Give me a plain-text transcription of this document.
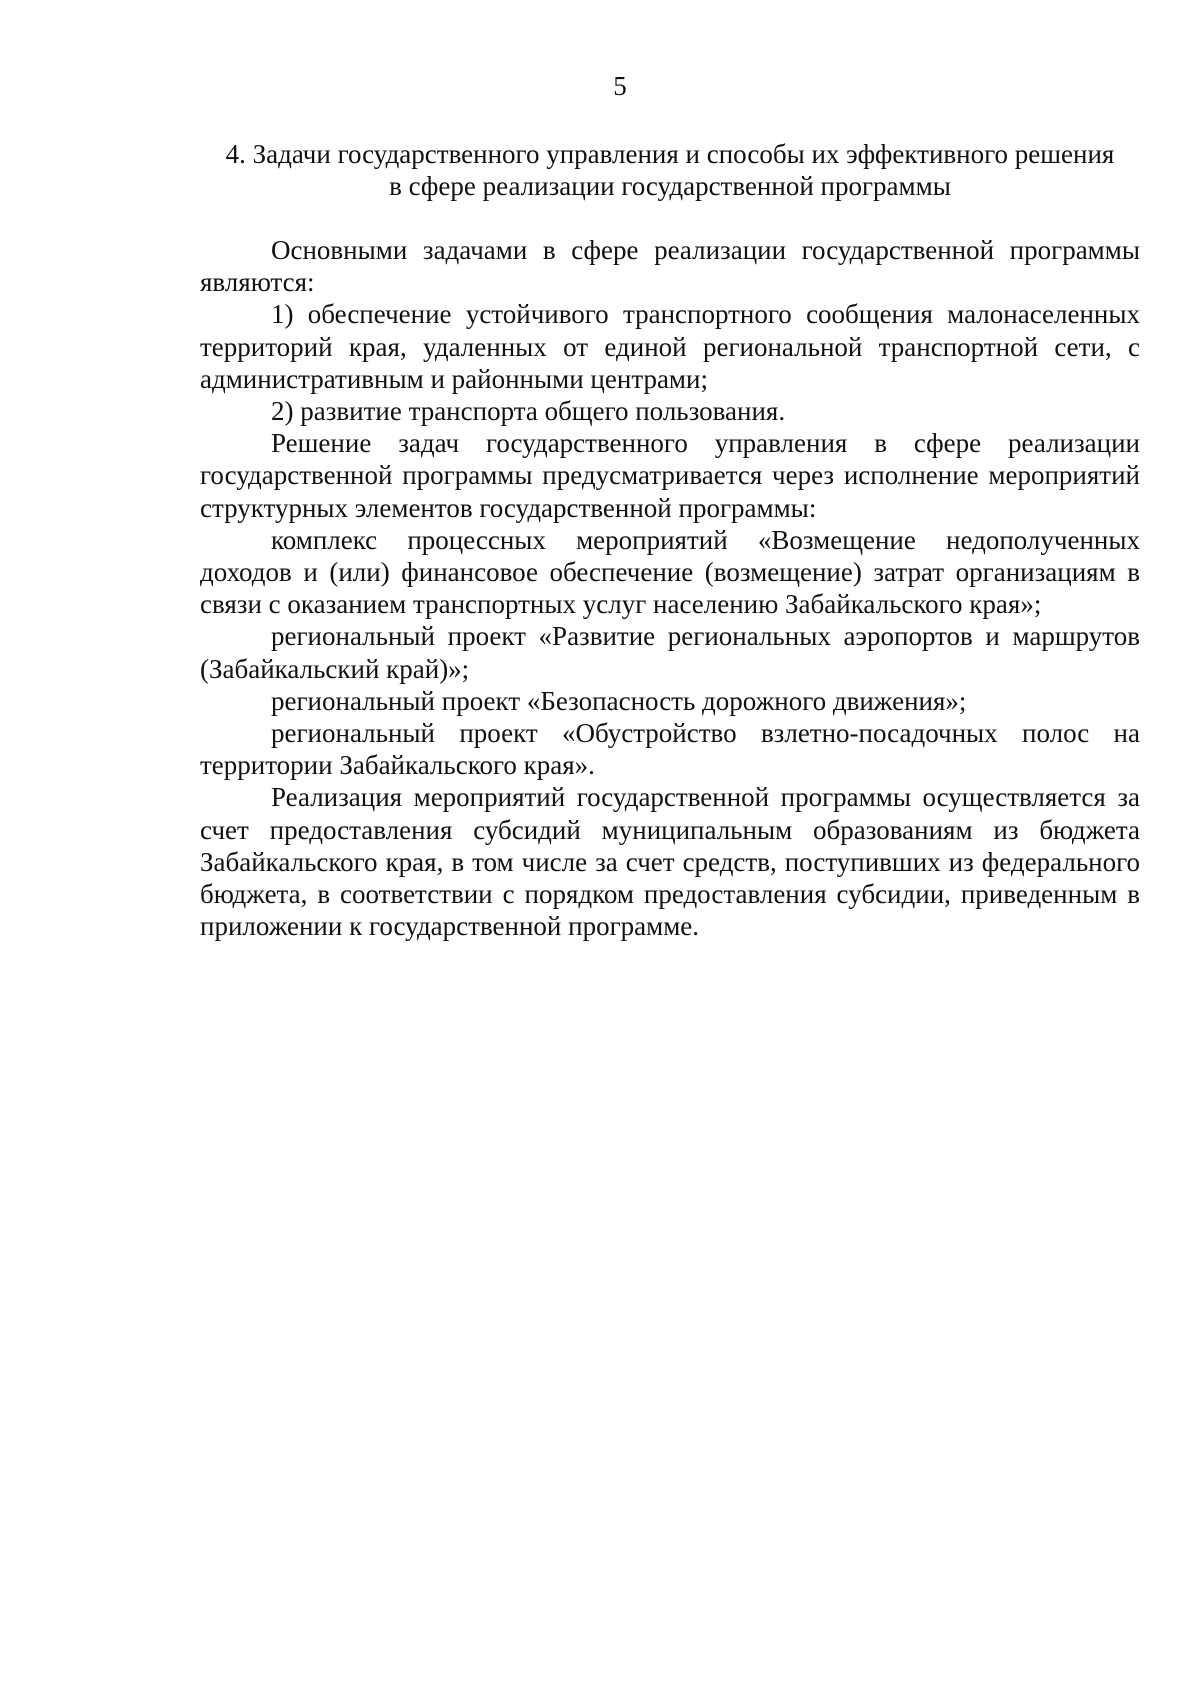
5
4. Задачи государственного управления и способы их эффективного решения
в сфере реализации государственной программы

Основными задачами в сфере реализации государственной программы являются:

1) обеспечение устойчивого транспортного сообщения малонаселенных территорий края, удаленных от единой региональной транспортной сети, с административным и районными центрами;

2) развитие транспорта общего пользования.

Решение задач государственного управления в сфере реализации государственной программы предусматривается через исполнение мероприятий структурных элементов государственной программы:

комплекс процессных мероприятий «Возмещение недополученных доходов и (или) финансовое обеспечение (возмещение) затрат организациям в связи с оказанием транспортных услуг населению Забайкальского края»;

региональный проект «Развитие региональных аэропортов и маршрутов (Забайкальский край)»;

региональный проект «Безопасность дорожного движения»;

региональный проект «Обустройство взлетно-посадочных полос на территории Забайкальского края».

Реализация мероприятий государственной программы осуществляется за счет предоставления субсидий муниципальным образованиям из бюджета Забайкальского края, в том числе за счет средств, поступивших из федерального бюджета, в соответствии с порядком предоставления субсидии, приведенным в приложении к государственной программе.
